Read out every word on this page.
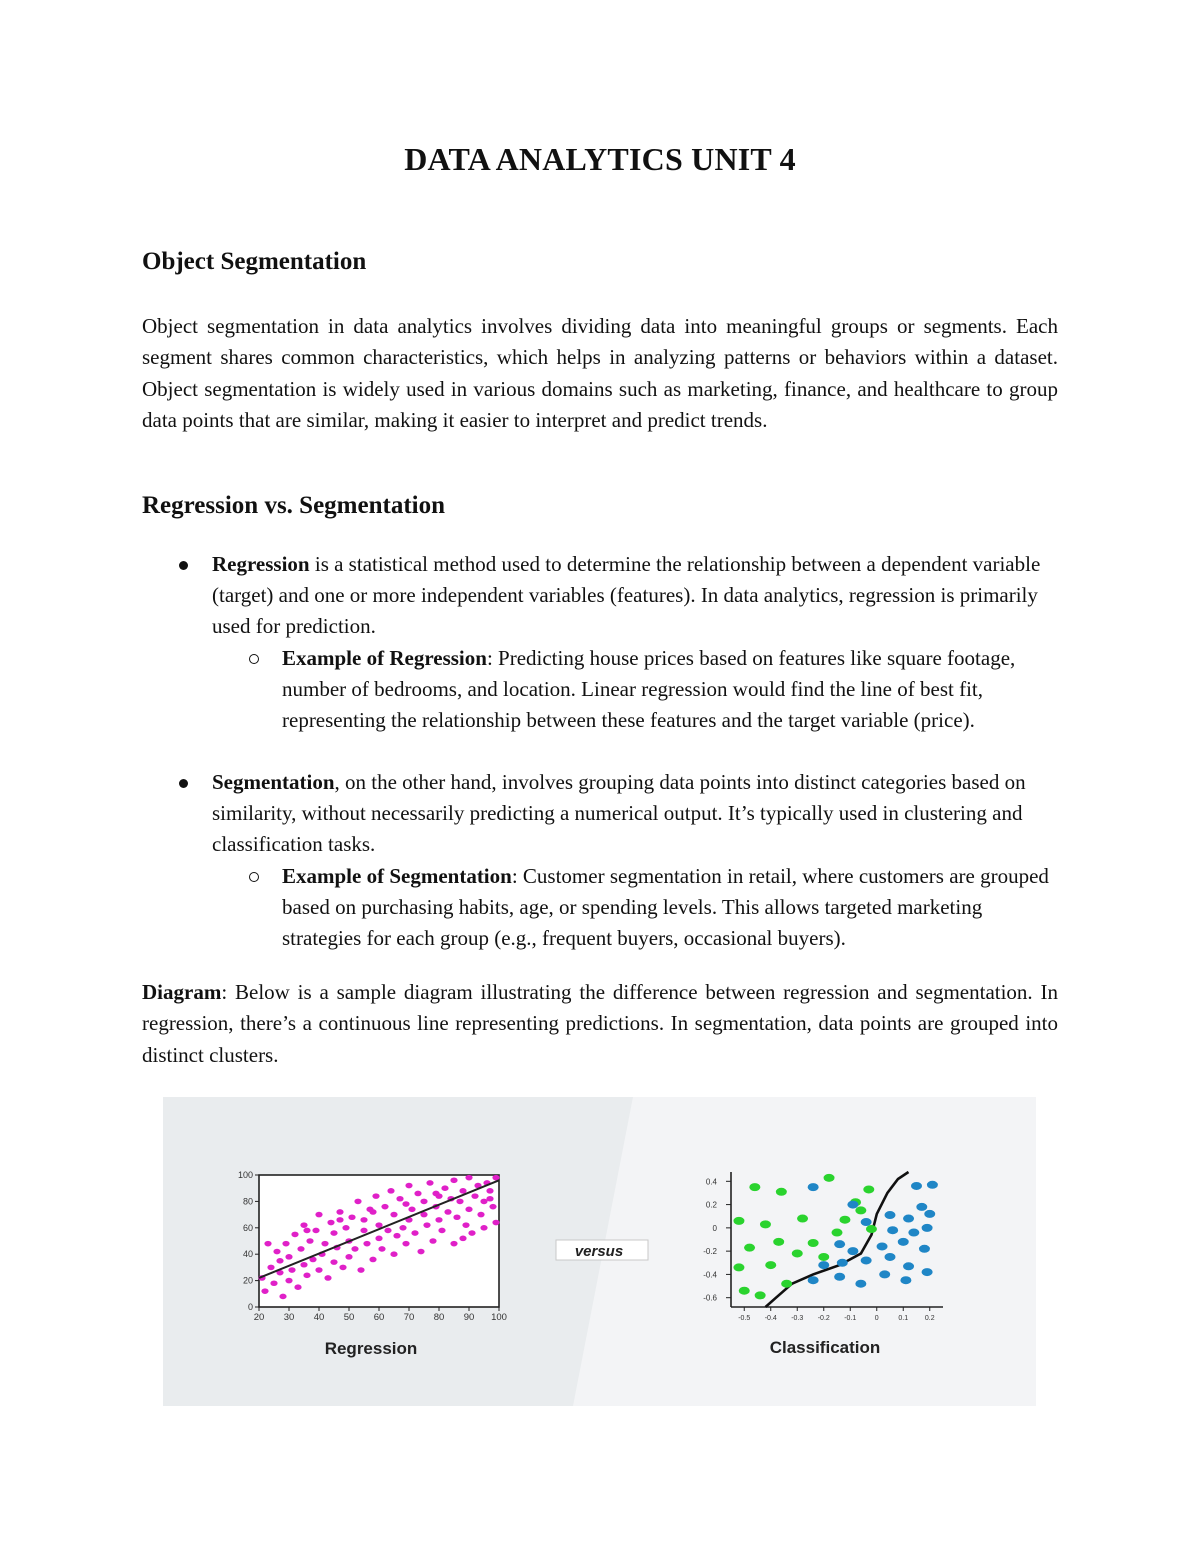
DATA ANALYTICS UNIT 4
Object Segmentation

Object segmentation in data analytics involves dividing data into meaningful groups or segments. Each segment shares common characteristics, which helps in analyzing patterns or behaviors within a dataset. Object segmentation is widely used in various domains such as marketing, finance, and healthcare to group data points that are similar, making it easier to interpret and predict trends.

Regression vs. Segmentation

Regression is a statistical method used to determine the relationship between a dependent variable (target) and one or more independent variables (features). In data analytics, regression is primarily used for prediction.

Example of Regression: Predicting house prices based on features like square footage, number of bedrooms, and location. Linear regression would find the line of best fit, representing the relationship between these features and the target variable (price).

Segmentation, on the other hand, involves grouping data points into distinct categories based on similarity, without necessarily predicting a numerical output. It’s typically used in clustering and classification tasks.

Example of Segmentation: Customer segmentation in retail, where customers are grouped based on purchasing habits, age, or spending levels. This allows targeted marketing strategies for each group (e.g., frequent buyers, occasional buyers).

Diagram: Below is a sample diagram illustrating the difference between regression and segmentation. In regression, there’s a continuous line representing predictions. In segmentation, data points are grouped into distinct clusters.

20 30 40 50 60 70 80 90 100
0
20
40
60
80
100
Regression
versus
-0.5 -0.4 -0.3 -0.2 -0.1	0	0.1 0.2
0.4
0.2
0
-0.2
-0.4
-0.6
Classification
